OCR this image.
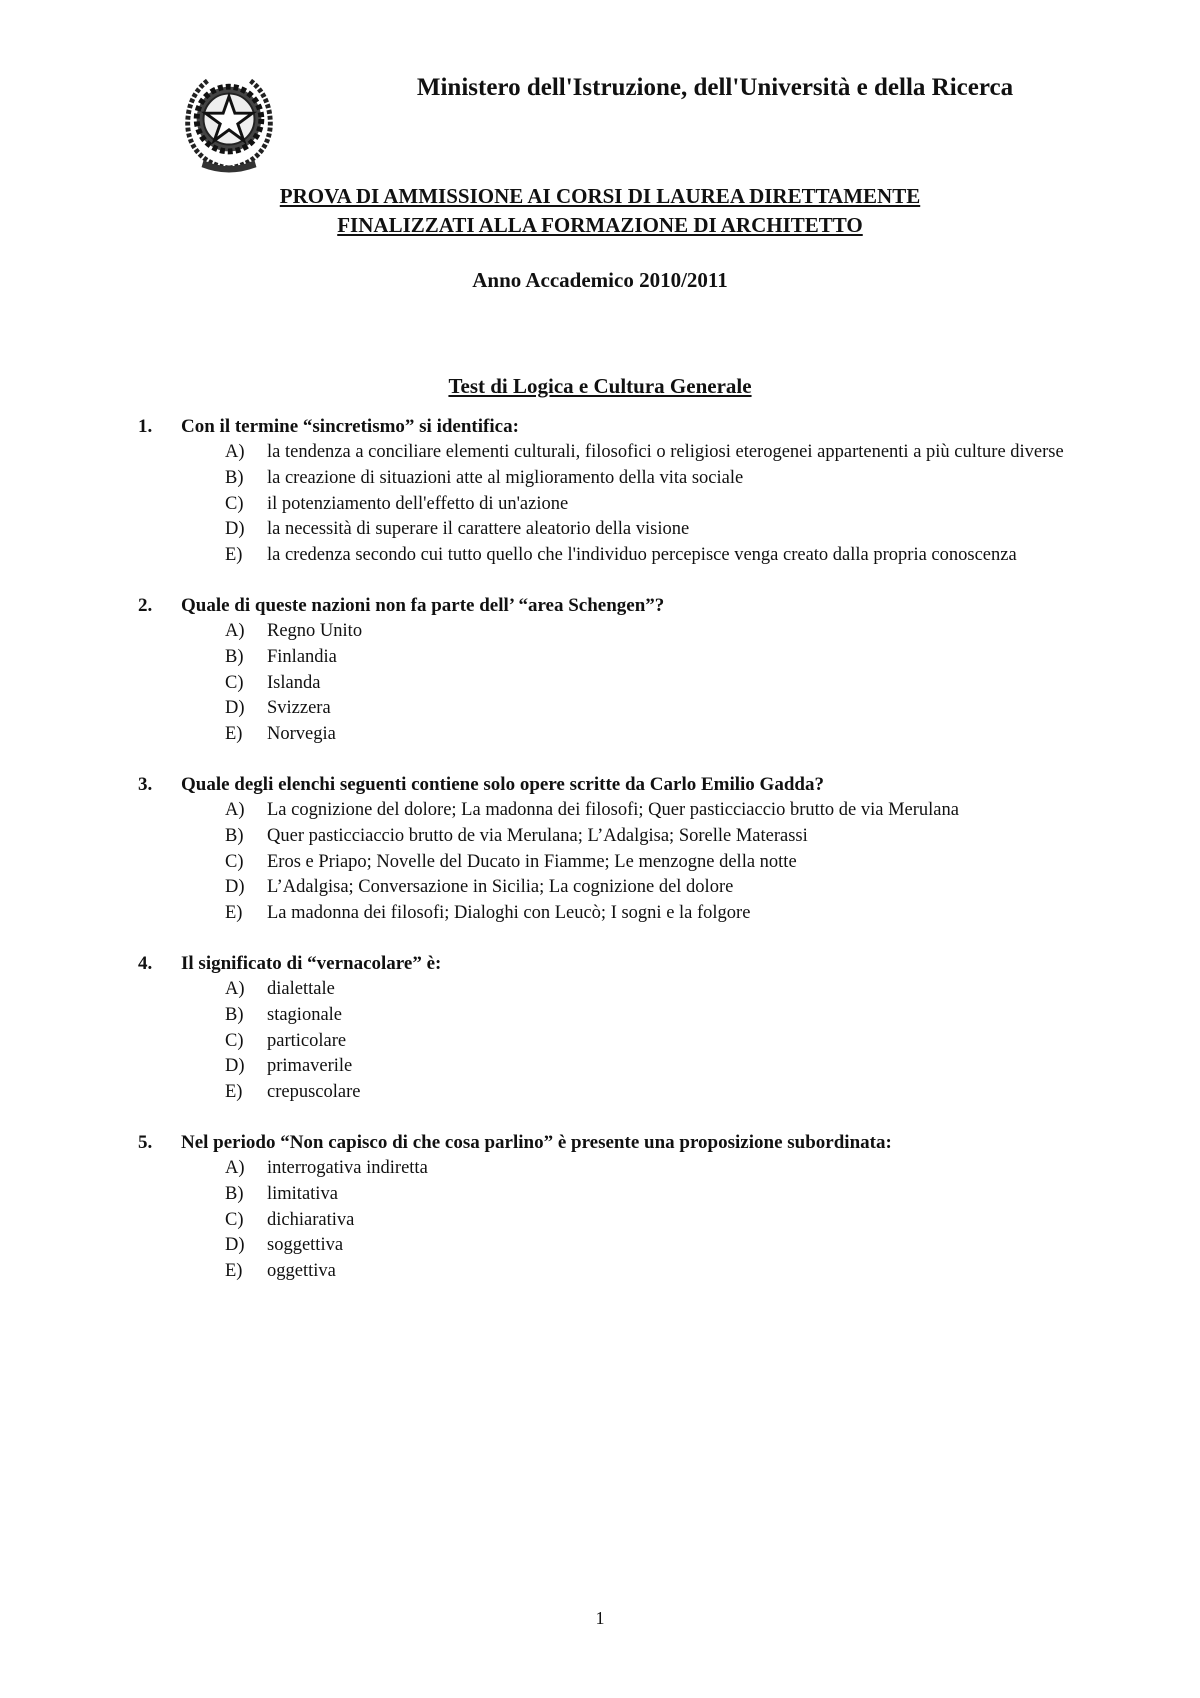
Ministero dell'Istruzione, dell'Università e della Ricerca
PROVA DI AMMISSIONE AI CORSI DI LAUREA DIRETTAMENTE
FINALIZZATI ALLA FORMAZIONE DI ARCHITETTO
Anno Accademico 2010/2011
Test di Logica e Cultura Generale
1. Con il termine “sincretismo” si identifica:
A) la tendenza a conciliare elementi culturali, filosofici o religiosi eterogenei appartenenti a più culture diverse
B) la creazione di situazioni atte al miglioramento della vita sociale
C) il potenziamento dell'effetto di un'azione
D) la necessità di superare il carattere aleatorio della visione
E) la credenza secondo cui tutto quello che l'individuo percepisce venga creato dalla propria conoscenza
2. Quale di queste nazioni non fa parte dell’ “area Schengen”?
A) Regno Unito
B) Finlandia
C) Islanda
D) Svizzera
E) Norvegia
3. Quale degli elenchi seguenti contiene solo opere scritte da Carlo Emilio Gadda?
A) La cognizione del dolore; La madonna dei filosofi; Quer pasticciaccio brutto de via Merulana
B) Quer pasticciaccio brutto de via Merulana; L’Adalgisa; Sorelle Materassi
C) Eros e Priapo; Novelle del Ducato in Fiamme; Le menzogne della notte
D) L’Adalgisa; Conversazione in Sicilia; La cognizione del dolore
E) La madonna dei filosofi; Dialoghi con Leucò; I sogni e la folgore
4. Il significato di “vernacolare” è:
A) dialettale
B) stagionale
C) particolare
D) primaverile
E) crepuscolare
5. Nel periodo “Non capisco di che cosa parlino” è presente una proposizione subordinata:
A) interrogativa indiretta
B) limitativa
C) dichiarativa
D) soggettiva
E) oggettiva
1
